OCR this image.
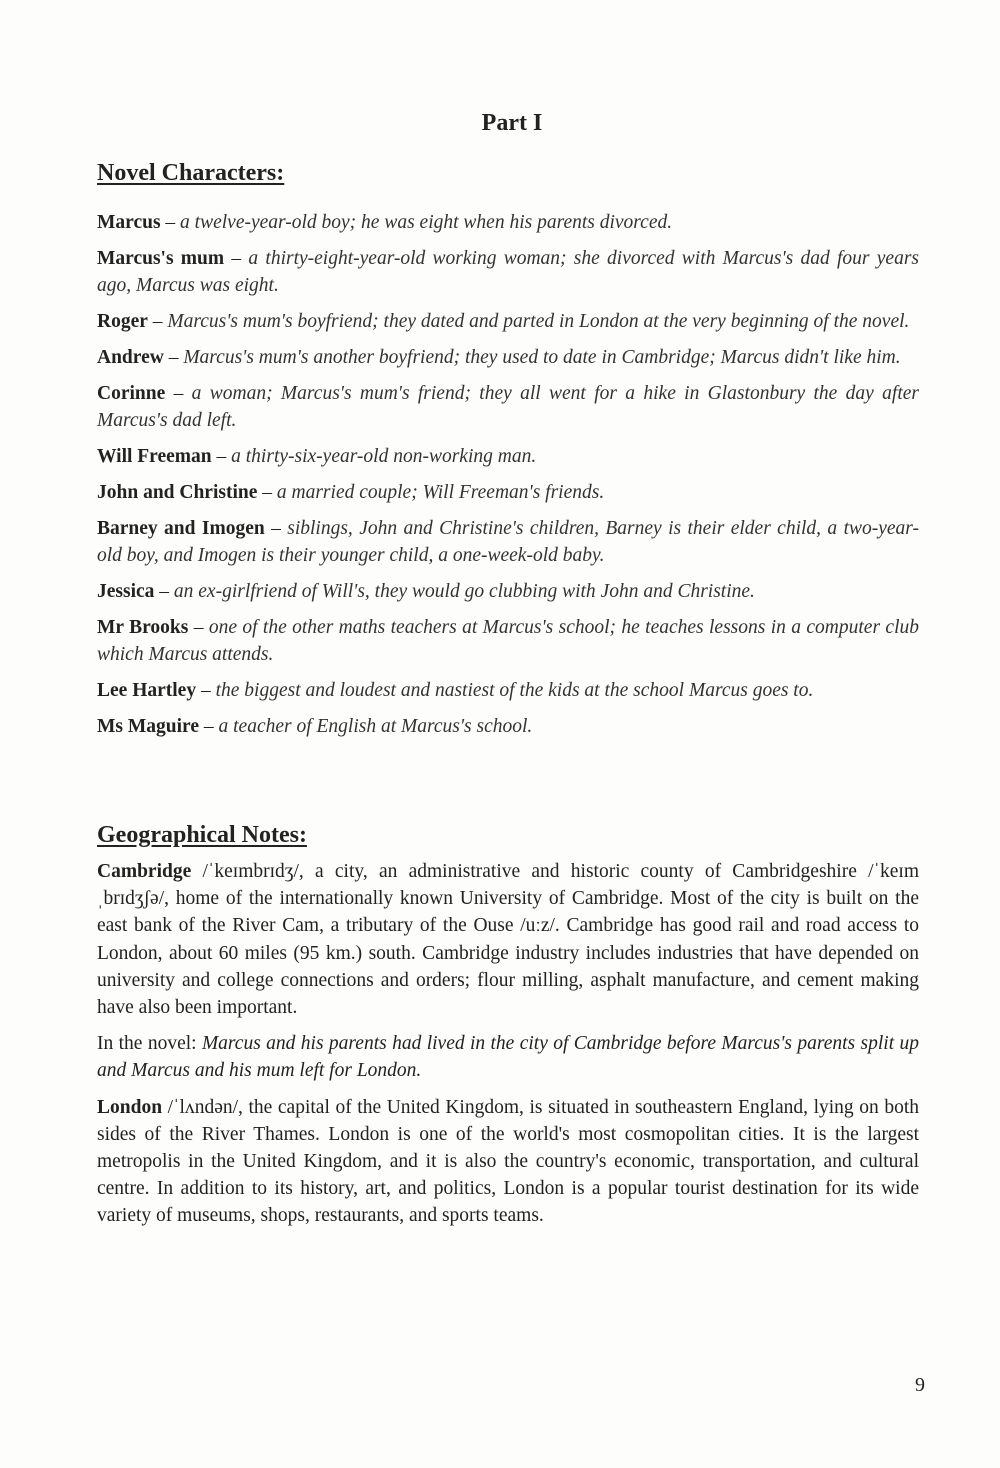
Part I
Novel Characters:

Marcus – a twelve-year-old boy; he was eight when his parents divorced.

Marcus's mum – a thirty-eight-year-old working woman; she divorced with Marcus's dad four years ago, Marcus was eight.

Roger – Marcus's mum's boyfriend; they dated and parted in London at the very beginning of the novel.

Andrew – Marcus's mum's another boyfriend; they used to date in Cambridge; Marcus didn't like him.

Corinne – a woman; Marcus's mum's friend; they all went for a hike in Glastonbury the day after Marcus's dad left.

Will Freeman – a thirty-six-year-old non-working man.

John and Christine – a married couple; Will Freeman's friends.

Barney and Imogen – siblings, John and Christine's children, Barney is their elder child, a two-year-old boy, and Imogen is their younger child, a one-week-old baby.

Jessica – an ex-girlfriend of Will's, they would go clubbing with John and Christine.

Mr Brooks – one of the other maths teachers at Marcus's school; he teaches lessons in a computer club which Marcus attends.

Lee Hartley – the biggest and loudest and nastiest of the kids at the school Marcus goes to.

Ms Maguire – a teacher of English at Marcus's school.

Geographical Notes:

Cambridge /ˈkeɪmbrɪdʒ/, a city, an administrative and historic county of Cambridgeshire /ˈkeɪm ˌbrɪdʒʃə/, home of the internationally known University of Cambridge. Most of the city is built on the east bank of the River Cam, a tributary of the Ouse /uːz/. Cambridge has good rail and road access to London, about 60 miles (95 km.) south. Cambridge industry includes industries that have depended on university and college connections and orders; flour milling, asphalt manufacture, and cement making have also been important.

In the novel: Marcus and his parents had lived in the city of Cambridge before Marcus's parents split up and Marcus and his mum left for London.

London /ˈlʌndən/, the capital of the United Kingdom, is situated in southeastern England, lying on both sides of the River Thames. London is one of the world's most cosmopolitan cities. It is the largest metropolis in the United Kingdom, and it is also the country's economic, transportation, and cultural centre. In addition to its history, art, and politics, London is a popular tourist destination for its wide variety of museums, shops, restaurants, and sports teams.

9
